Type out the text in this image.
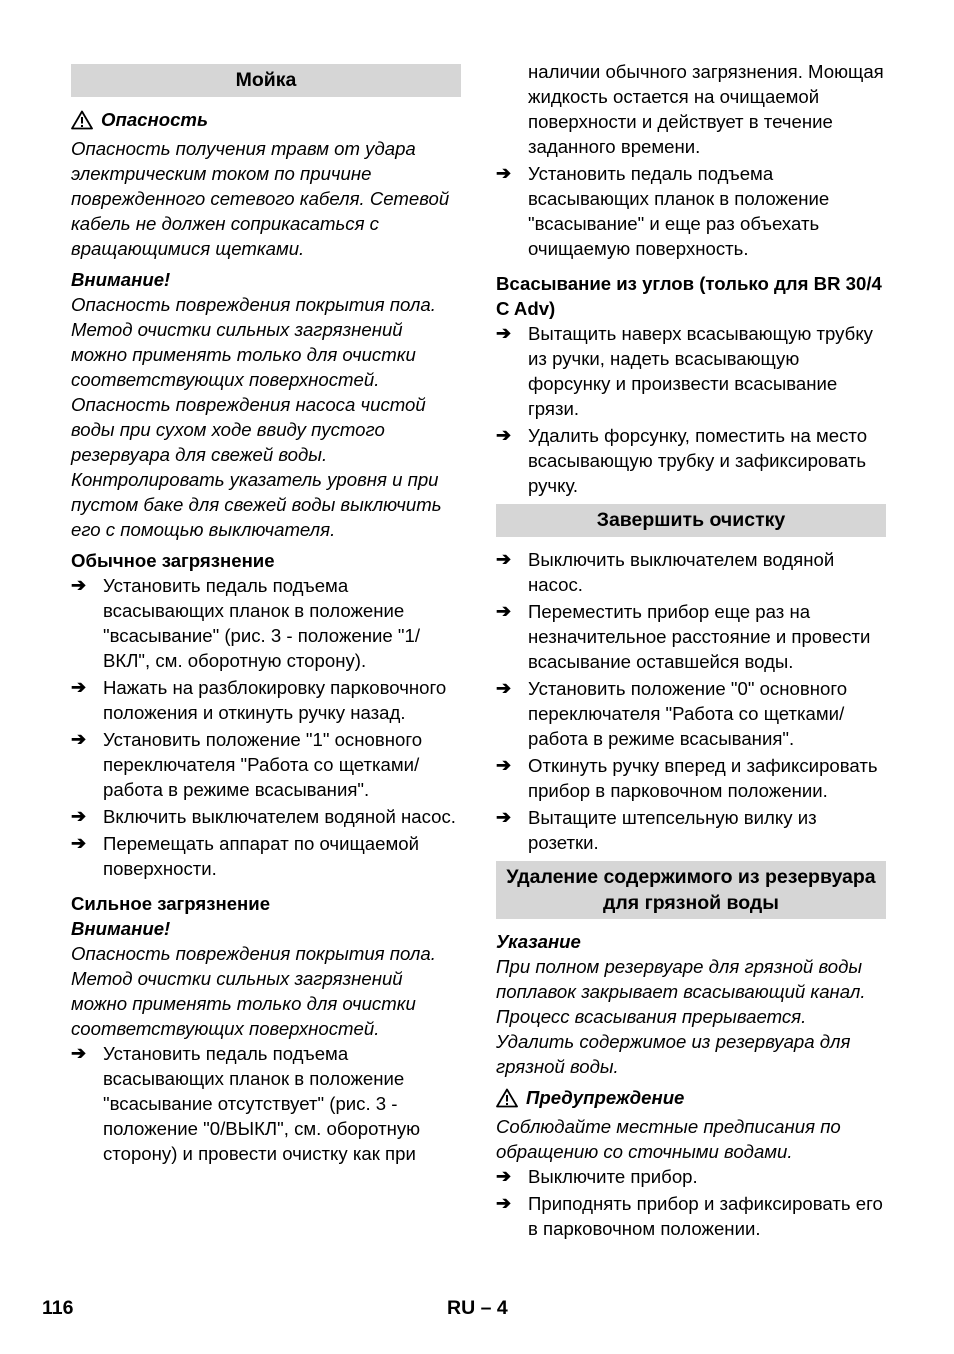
Мойка
Опасность

Опасность получения травм от удара электрическим током по причине поврежденного сетевого кабеля. Сетевой кабель не должен соприкасаться с вращающимися щетками.

Внимание!

Опасность повреждения покрытия пола. Метод очистки сильных загрязнений можно применять только для очистки соответствующих поверхностей.

Опасность повреждения насоса чистой воды при сухом ходе ввиду пустого резервуара для свежей воды. Контролировать указатель уровня и при пустом баке для свежей воды выключить его с помощью выключателя.

Обычное загрязнение

➔ Установить педаль подъема всасывающих планок в положение "всасывание" (рис. 3 - положение "1/ВКЛ", см. оборотную сторону).
➔ Нажать на разблокировку парковочного положения и откинуть ручку назад.
➔ Установить положение "1" основного переключателя "Работа со щетками/ работа в режиме всасывания".
➔ Включить выключателем водяной насос.
➔ Перемещать аппарат по очищаемой поверхности.

Сильное загрязнение

Внимание!

Опасность повреждения покрытия пола. Метод очистки сильных загрязнений можно применять только для очистки соответствующих поверхностей.

➔ Установить педаль подъема всасывающих планок в положение "всасывание отсутствует" (рис. 3 - положение "0/ВЫКЛ", см. оборотную сторону) и провести очистку как при
наличии обычного загрязнения. Моющая жидкость остается на очищаемой поверхности и действует в течение заданного времени.
➔ Установить педаль подъема всасывающих планок в положение "всасывание" и еще раз объехать очищаемую поверхность.

Всасывание из углов (только для BR 30/4 C Adv)

➔ Вытащить наверх всасывающую трубку из ручки, надеть всасывающую форсунку и произвести всасывание грязи.
➔ Удалить форсунку, поместить на место всасывающую трубку и зафиксировать ручку.
Завершить очистку
➔ Выключить выключателем водяной насос.
➔ Переместить прибор еще раз на незначительное расстояние и провести всасывание оставшейся воды.
➔ Установить положение "0" основного переключателя "Работа со щетками/ работа в режиме всасывания".
➔ Откинуть ручку вперед и зафиксировать прибор в парковочном положении.
➔ Вытащите штепсельную вилку из розетки.
Удаление содержимого из резервуара для грязной воды

Указание

При полном резервуаре для грязной воды поплавок закрывает всасывающий канал. Процесс всасывания прерывается. Удалить содержимое из резервуара для грязной воды.

Предупреждение

Соблюдайте местные предписания по обращению со сточными водами.

➔ Выключите прибор.
➔ Приподнять прибор и зафиксировать его в парковочном положении.
116	RU – 4
